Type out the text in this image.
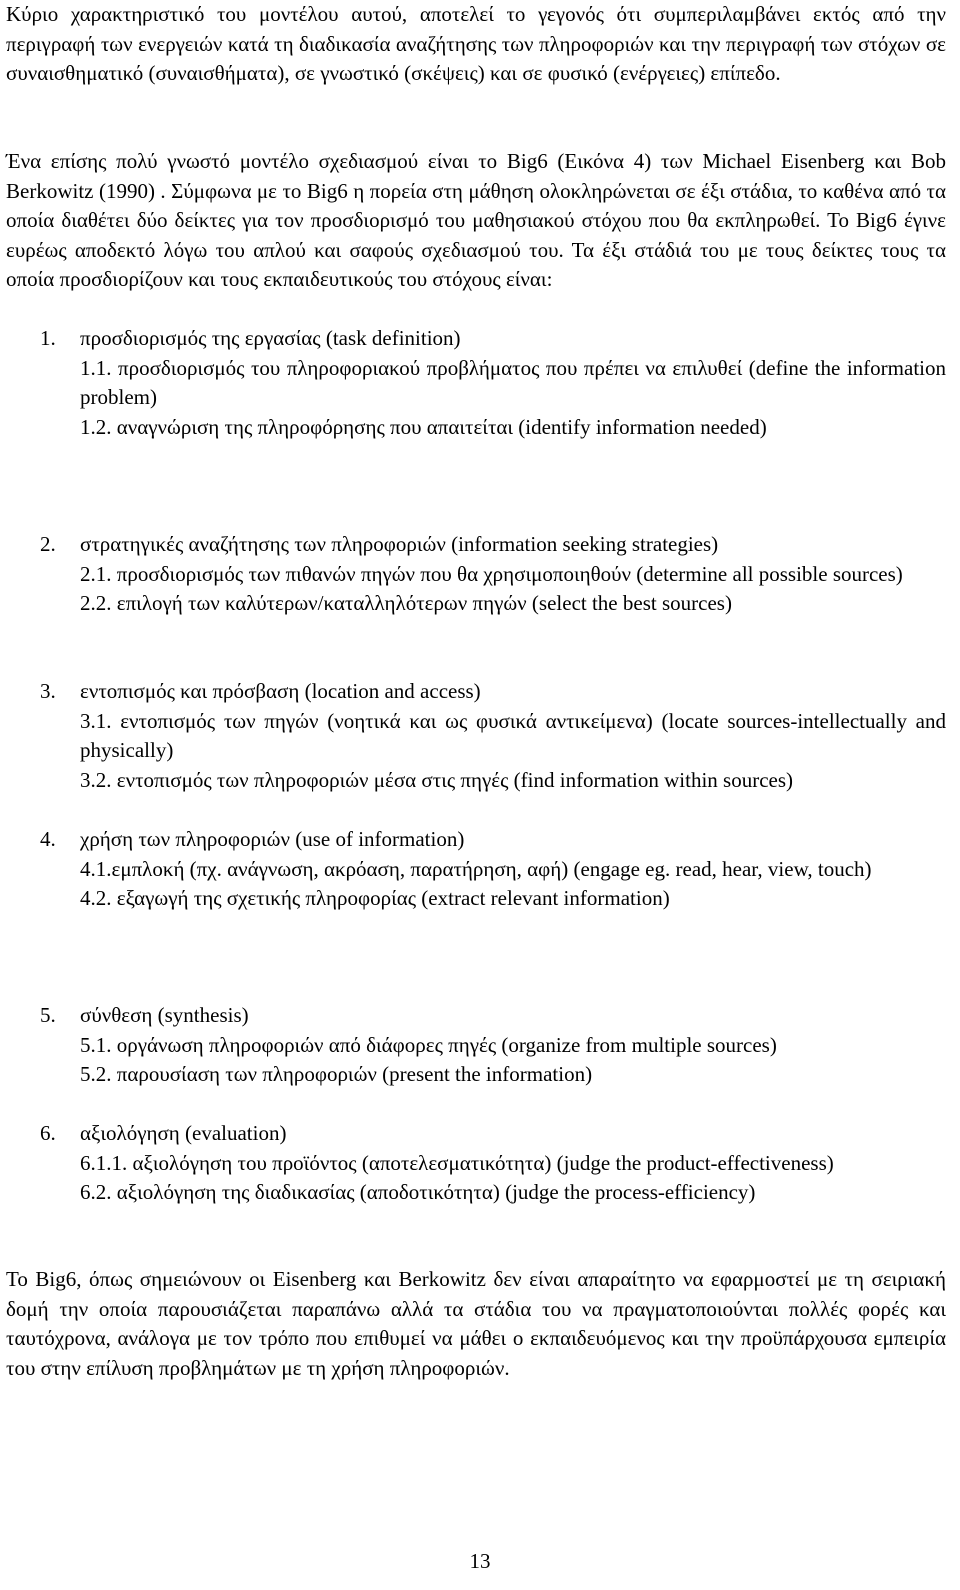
Κύριο χαρακτηριστικό του μοντέλου αυτού, αποτελεί το γεγονός ότι συμπεριλαμβάνει εκτός από την περιγραφή των ενεργειών κατά τη διαδικασία αναζήτησης των πληροφοριών και την περιγραφή των στόχων σε συναισθηματικό (συναισθήματα), σε γνωστικό (σκέψεις) και σε φυσικό (ενέργειες) επίπεδο.

Ένα επίσης πολύ γνωστό μοντέλο σχεδιασμού είναι το Big6 (Εικόνα 4) των Michael Eisenberg και Bob Berkowitz (1990) . Σύμφωνα με το Big6 η πορεία στη μάθηση ολοκληρώνεται σε έξι στάδια, το καθένα από τα οποία διαθέτει δύο δείκτες για τον προσδιορισμό του μαθησιακού στόχου που θα εκπληρωθεί. Το Big6 έγινε ευρέως αποδεκτό λόγω του απλού και σαφούς σχεδιασμού του. Τα έξι στάδιά του με τους δείκτες τους τα οποία προσδιορίζουν και τους εκπαιδευτικούς του στόχους είναι:

1. προσδιορισμός της εργασίας (task definition)
1.1. προσδιορισμός του πληροφοριακού προβλήματος που πρέπει να επιλυθεί (define the information problem)
1.2. αναγνώριση της πληροφόρησης που απαιτείται (identify information needed)
2. στρατηγικές αναζήτησης των πληροφοριών (information seeking strategies)
2.1. προσδιορισμός των πιθανών πηγών που θα χρησιμοποιηθούν (determine all possible sources)
2.2. επιλογή των καλύτερων/καταλληλότερων πηγών (select the best sources)
3. εντοπισμός και πρόσβαση (location and access)
3.1. εντοπισμός των πηγών (νοητικά και ως φυσικά αντικείμενα) (locate sources-intellectually and physically)
3.2. εντοπισμός των πληροφοριών μέσα στις πηγές (find information within sources)
4. χρήση των πληροφοριών (use of information)
4.1.εμπλοκή (πχ. ανάγνωση, ακρόαση, παρατήρηση, αφή) (engage eg. read, hear, view, touch)
4.2. εξαγωγή της σχετικής πληροφορίας (extract relevant information)
5. σύνθεση (synthesis)
5.1. οργάνωση πληροφοριών από διάφορες πηγές (organize from multiple sources)
5.2. παρουσίαση των πληροφοριών (present the information)
6. αξιολόγηση (evaluation)
6.1.1. αξιολόγηση του προϊόντος (αποτελεσματικότητα) (judge the product-effectiveness)
6.2. αξιολόγηση της διαδικασίας (αποδοτικότητα) (judge the process-efficiency)

Το Big6, όπως σημειώνουν οι Eisenberg και Berkowitz δεν είναι απαραίτητο να εφαρμοστεί με τη σειριακή δομή την οποία παρουσιάζεται παραπάνω αλλά τα στάδια του να πραγματοποιούνται πολλές φορές και ταυτόχρονα, ανάλογα με τον τρόπο που επιθυμεί να μάθει ο εκπαιδευόμενος και την προϋπάρχουσα εμπειρία του στην επίλυση προβλημάτων με τη χρήση πληροφοριών.

13
